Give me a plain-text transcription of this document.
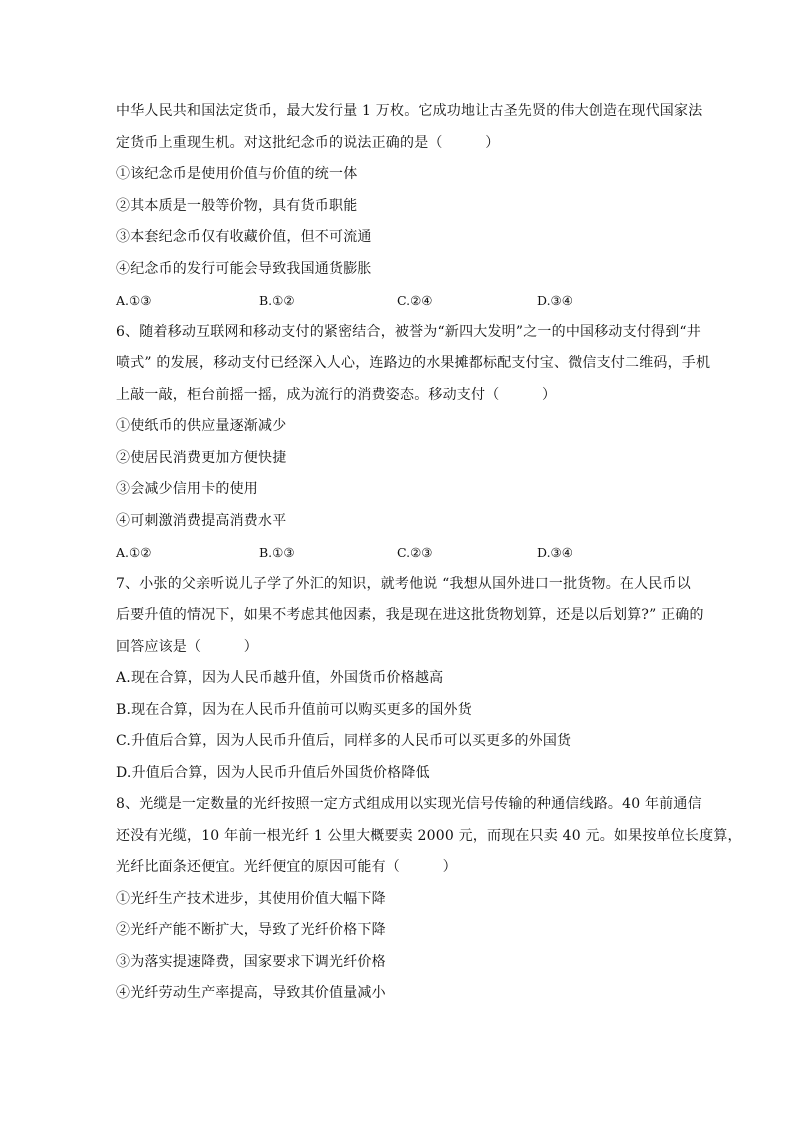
中华人民共和国法定货币，最大发行量 1 万枚。它成功地让古圣先贤的伟大创造在现代国家法
定货币上重现生机。对这批纪念币的说法正确的是（　　　）
①该纪念币是使用价值与价值的统一体
②其本质是一般等价物，具有货币职能
③本套纪念币仅有收藏价值，但不可流通
④纪念币的发行可能会导致我国通货膨胀
A.①③	B.①②	C.②④	D.③④
6、随着移动互联网和移动支付的紧密结合，被誉为“新四大发明”之一的中国移动支付得到“井
喷式” 的发展，移动支付已经深入人心，连路边的水果摊都标配支付宝、微信支付二维码，手机
上敲一敲，柜台前摇一摇，成为流行的消费姿态。移动支付（　　　）
①使纸币的供应量逐渐减少
②使居民消费更加方便快捷
③会减少信用卡的使用
④可刺激消费提高消费水平
A.①②	B.①③	C.②③	D.③④
7、小张的父亲听说儿子学了外汇的知识，就考他说 “我想从国外进口一批货物。在人民币以
后要升值的情况下，如果不考虑其他因素，我是现在进这批货物划算，还是以后划算?” 正确的
回答应该是（　　　）
A.现在合算，因为人民币越升值，外国货币价格越高
B.现在合算，因为在人民币升值前可以购买更多的国外货
C.升值后合算，因为人民币升值后，同样多的人民币可以买更多的外国货
D.升值后合算，因为人民币升值后外国货价格降低
8、光缆是一定数量的光纤按照一定方式组成用以实现光信号传输的种通信线路。40 年前通信
还没有光缆，10 年前一根光纤 1 公里大概要卖 2000 元，而现在只卖 40 元。如果按单位长度算，
光纤比面条还便宜。光纤便宜的原因可能有（　　　）
①光纤生产技术进步，其使用价值大幅下降
②光纤产能不断扩大，导致了光纤价格下降
③为落实提速降费，国家要求下调光纤价格
④光纤劳动生产率提高，导致其价值量减小
